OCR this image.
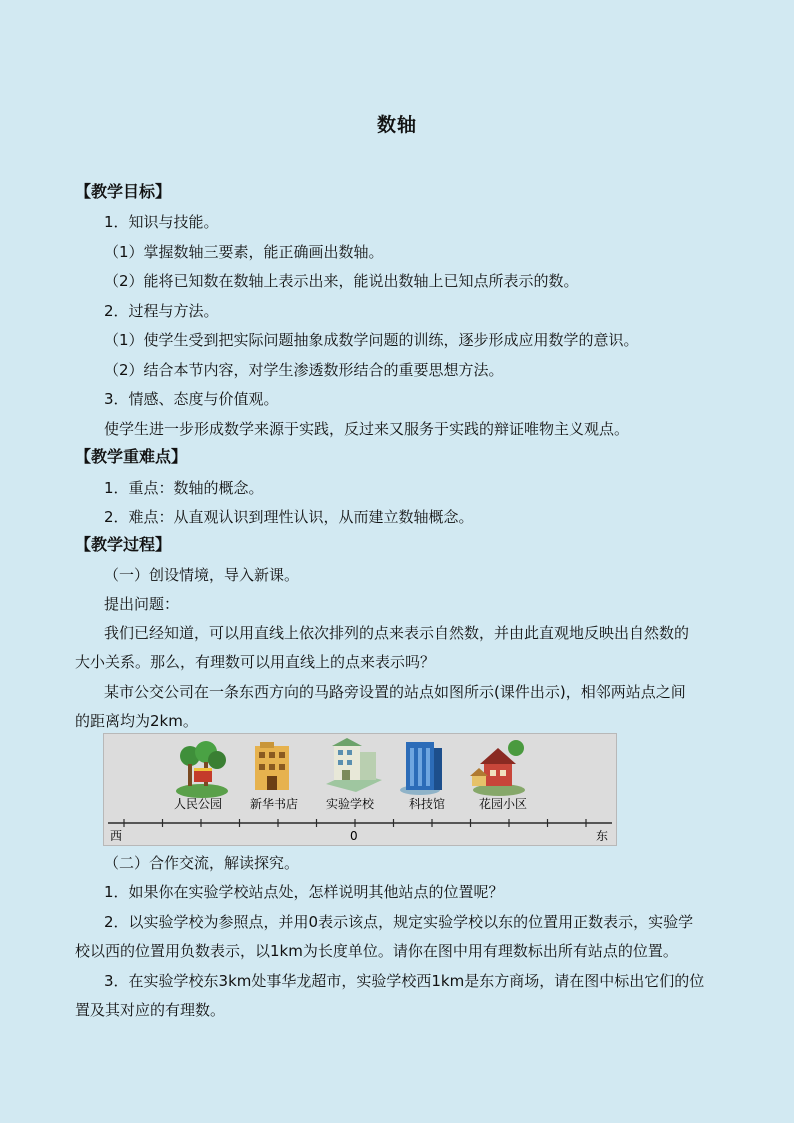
数轴
【教学目标】
1．知识与技能。
（1）掌握数轴三要素，能正确画出数轴。
（2）能将已知数在数轴上表示出来，能说出数轴上已知点所表示的数。
2．过程与方法。
（1）使学生受到把实际问题抽象成数学问题的训练，逐步形成应用数学的意识。
（2）结合本节内容，对学生渗透数形结合的重要思想方法。
3．情感、态度与价值观。
使学生进一步形成数学来源于实践，反过来又服务于实践的辩证唯物主义观点。
【教学重难点】
1．重点：数轴的概念。
2．难点：从直观认识到理性认识，从而建立数轴概念。
【教学过程】
（一）创设情境，导入新课。
提出问题：
我们已经知道，可以用直线上依次排列的点来表示自然数，并由此直观地反映出自然数的
大小关系。那么，有理数可以用直线上的点来表示吗？
某市公交公司在一条东西方向的马路旁设置的站点如图所示(课件出示)，相邻两站点之间
的距离均为2km。
人民公园 新华书店 实验学校	科技馆	花园小区
西	0	东
（二）合作交流，解读探究。
1．如果你在实验学校站点处，怎样说明其他站点的位置呢？
2．以实验学校为参照点，并用0表示该点，规定实验学校以东的位置用正数表示，实验学
校以西的位置用负数表示，以1km为长度单位。请你在图中用有理数标出所有站点的位置。
3．在实验学校东3km处事华龙超市，实验学校西1km是东方商场，请在图中标出它们的位
置及其对应的有理数。
